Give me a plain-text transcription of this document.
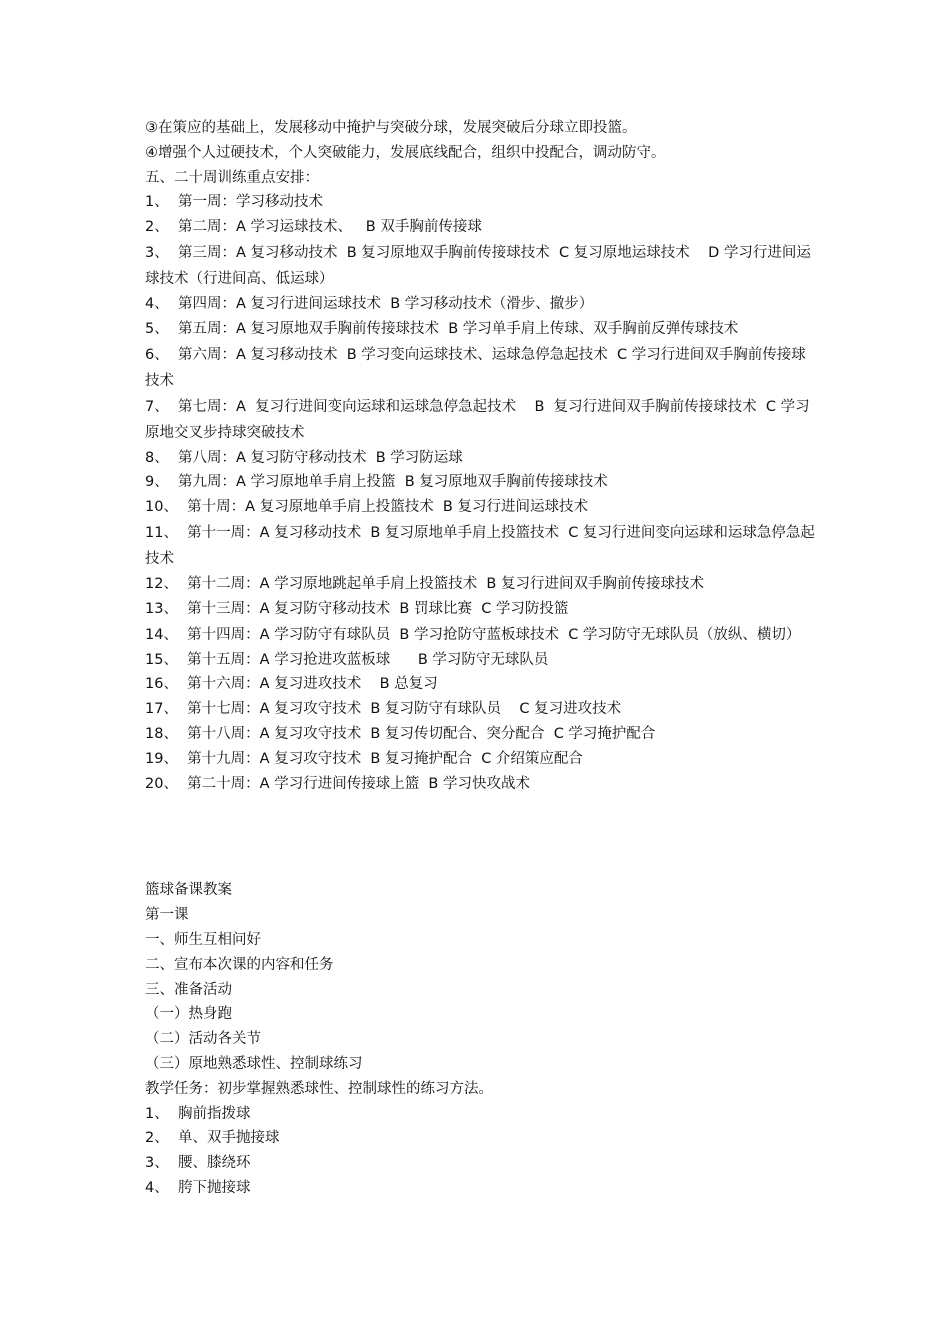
③在策应的基础上，发展移动中掩护与突破分球，发展突破后分球立即投篮。
④增强个人过硬技术，个人突破能力，发展底线配合，组织中投配合，调动防守。
五、二十周训练重点安排：
1、  第一周：学习移动技术
2、  第二周：A 学习运球技术、   B 双手胸前传接球
3、  第三周：A 复习移动技术  B 复习原地双手胸前传接球技术  C 复习原地运球技术    D 学习行进间运球技术（行进间高、低运球）
4、  第四周：A 复习行进间运球技术  B 学习移动技术（滑步、撤步）
5、  第五周：A 复习原地双手胸前传接球技术  B 学习单手肩上传球、双手胸前反弹传球技术
6、  第六周：A 复习移动技术  B 学习变向运球技术、运球急停急起技术  C 学习行进间双手胸前传接球技术
7、  第七周：A  复习行进间变向运球和运球急停急起技术    B  复习行进间双手胸前传接球技术  C 学习原地交叉步持球突破技术
8、  第八周：A 复习防守移动技术  B 学习防运球
9、  第九周：A 学习原地单手肩上投篮  B 复习原地双手胸前传接球技术
10、  第十周：A 复习原地单手肩上投篮技术  B 复习行进间运球技术
11、  第十一周：A 复习移动技术  B 复习原地单手肩上投篮技术  C 复习行进间变向运球和运球急停急起技术
12、  第十二周：A 学习原地跳起单手肩上投篮技术  B 复习行进间双手胸前传接球技术
13、  第十三周：A 复习防守移动技术  B 罚球比赛  C 学习防投篮
14、  第十四周：A 学习防守有球队员  B 学习抢防守蓝板球技术  C 学习防守无球队员（放纵、横切）
15、  第十五周：A 学习抢进攻蓝板球      B 学习防守无球队员
16、  第十六周：A 复习进攻技术    B 总复习
17、  第十七周：A 复习攻守技术  B 复习防守有球队员    C 复习进攻技术
18、  第十八周：A 复习攻守技术  B 复习传切配合、突分配合  C 学习掩护配合
19、  第十九周：A 复习攻守技术  B 复习掩护配合  C 介绍策应配合
20、  第二十周：A 学习行进间传接球上篮  B 学习快攻战术
篮球备课教案
第一课
一、师生互相问好
二、宣布本次课的内容和任务
三、准备活动
（一）热身跑
（二）活动各关节
（三）原地熟悉球性、控制球练习
教学任务：初步掌握熟悉球性、控制球性的练习方法。
1、  胸前指拨球
2、  单、双手抛接球
3、  腰、膝绕环
4、  胯下抛接球
